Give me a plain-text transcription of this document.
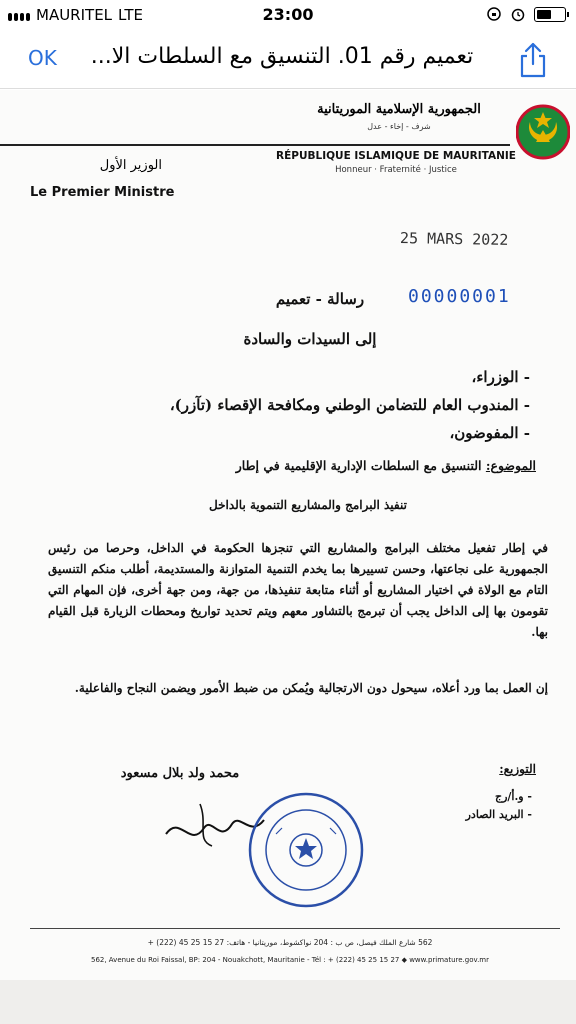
MAURITEL LTE	23:00
OK	تعميم رقم 01. التنسيق مع السلطات الا...
الجمهورية الإسلامية الموريتانية
شرف - إخاء - عدل
RÉPUBLIQUE ISLAMIQUE DE MAURITANIE
Honneur · Fraternité · Justice
الوزير الأول
Le Premier Ministre
25 MARS 2022
00000001
رسالة - تعميم
إلى السيدات والسادة
- الوزراء،
- المندوب العام للتضامن الوطني ومكافحة الإقصاء (تآزر)،
- المفوضون،
الموضوع: التنسيق مع السلطات الإدارية الإقليمية في إطار
تنفيذ البرامج والمشاريع التنموية بالداخل
في إطار تفعيل مختلف البرامج والمشاريع التي تنجزها الحكومة في الداخل، وحرصا من رئيس الجمهورية على نجاعتها، وحسن تسييرها بما يخدم التنمية المتوازنة والمستديمة، أطلب منكم التنسيق التام مع الولاة في اختيار المشاريع أو أثناء متابعة تنفيذها، من جهة، ومن جهة أخرى، فإن المهام التي تقومون بها إلى الداخل يجب أن تبرمج بالتشاور معهم ويتم تحديد تواريخ ومحطات الزيارة قبل القيام بها.
إن العمل بما ورد أعلاه، سيحول دون الارتجالية ويُمكن من ضبط الأمور ويضمن النجاح والفاعلية.
محمد ولد بلال مسعود	التوزيع:
- و.أ/رج
- البريد الصادر
562 شارع الملك فيصل، ص ب : 204 نواكشوط، موريتانيا - هاتف: 27 15 25 45 (222) +
562, Avenue du Roi Faissal, BP: 204 - Nouakchott, Mauritanie - Tél : + (222) 45 25 15 27 ◆ www.primature.gov.mr
